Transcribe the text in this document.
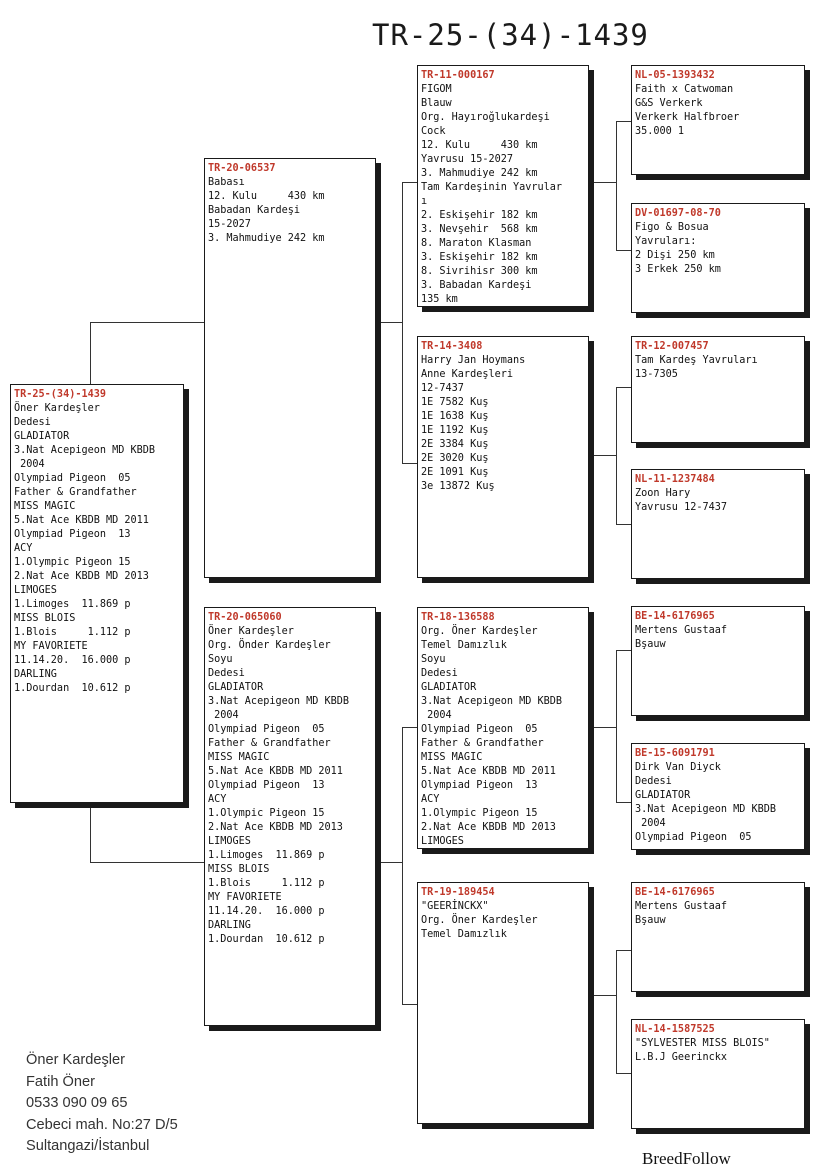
TR-25-(34)-1439
TR-25-(34)-1439
Öner Kardeşler
Dedesi
GLADIATOR
3.Nat Acepigeon MD KBDB
2004
Olympiad Pigeon  05
Father & Grandfather
MISS MAGIC
5.Nat Ace KBDB MD 2011
Olympiad Pigeon  13
ACY
1.Olympic Pigeon 15
2.Nat Ace KBDB MD 2013
LIMOGES
1.Limoges  11.869 p
MISS BLOIS
1.Blois     1.112 p
MY FAVORIETE
11.14.20.  16.000 p
DARLING
1.Dourdan  10.612 p
TR-20-06537
Babası
12. Kulu     430 km
Babadan Kardeşi
15-2027
3. Mahmudiye 242 km
TR-20-065060
Öner Kardeşler
Org. Önder Kardeşler
Soyu
Dedesi
GLADIATOR
3.Nat Acepigeon MD KBDB
2004
Olympiad Pigeon  05
Father & Grandfather
MISS MAGIC
5.Nat Ace KBDB MD 2011
Olympiad Pigeon  13
ACY
1.Olympic Pigeon 15
2.Nat Ace KBDB MD 2013
LIMOGES
1.Limoges  11.869 p
MISS BLOIS
1.Blois     1.112 p
MY FAVORIETE
11.14.20.  16.000 p
DARLING
1.Dourdan  10.612 p
TR-11-000167
FIGOM
Blauw
Org. Hayıroğlukardeşi
Cock
12. Kulu     430 km
Yavrusu 15-2027
3. Mahmudiye 242 km
Tam Kardeşinin Yavrular
ı
2. Eskişehir 182 km
3. Nevşehir  568 km
8. Maraton Klasman
3. Eskişehir 182 km
8. Sivrihisr 300 km
3. Babadan Kardeşi
135 km
TR-14-3408
Harry Jan Hoymans
Anne Kardeşleri
12-7437
1E 7582 Kuş
1E 1638 Kuş
1E 1192 Kuş
2E 3384 Kuş
2E 3020 Kuş
2E 1091 Kuş
3e 13872 Kuş
TR-18-136588
Org. Öner Kardeşler
Temel Damızlık
Soyu
Dedesi
GLADIATOR
3.Nat Acepigeon MD KBDB
2004
Olympiad Pigeon  05
Father & Grandfather
MISS MAGIC
5.Nat Ace KBDB MD 2011
Olympiad Pigeon  13
ACY
1.Olympic Pigeon 15
2.Nat Ace KBDB MD 2013
LIMOGES
TR-19-189454
"GEERİNCKX"
Org. Öner Kardeşler
Temel Damızlık
NL-05-1393432
Faith x Catwoman
G&S Verkerk
Verkerk Halfbroer
35.000 1
DV-01697-08-70
Figo & Bosua
Yavruları:
2 Dişi 250 km
3 Erkek 250 km
TR-12-007457
Tam Kardeş Yavruları
13-7305
NL-11-1237484
Zoon Hary
Yavrusu 12-7437
BE-14-6176965
Mertens Gustaaf
Bşauw
BE-15-6091791
Dirk Van Diyck
Dedesi
GLADIATOR
3.Nat Acepigeon MD KBDB
2004
Olympiad Pigeon  05
BE-14-6176965
Mertens Gustaaf
Bşauw
NL-14-1587525
"SYLVESTER MISS BLOIS"
L.B.J Geerinckx
Öner Kardeşler
Fatih Öner
0533 090 09 65
Cebeci mah. No:27 D/5
Sultangazi/İstanbul
BreedFollow
